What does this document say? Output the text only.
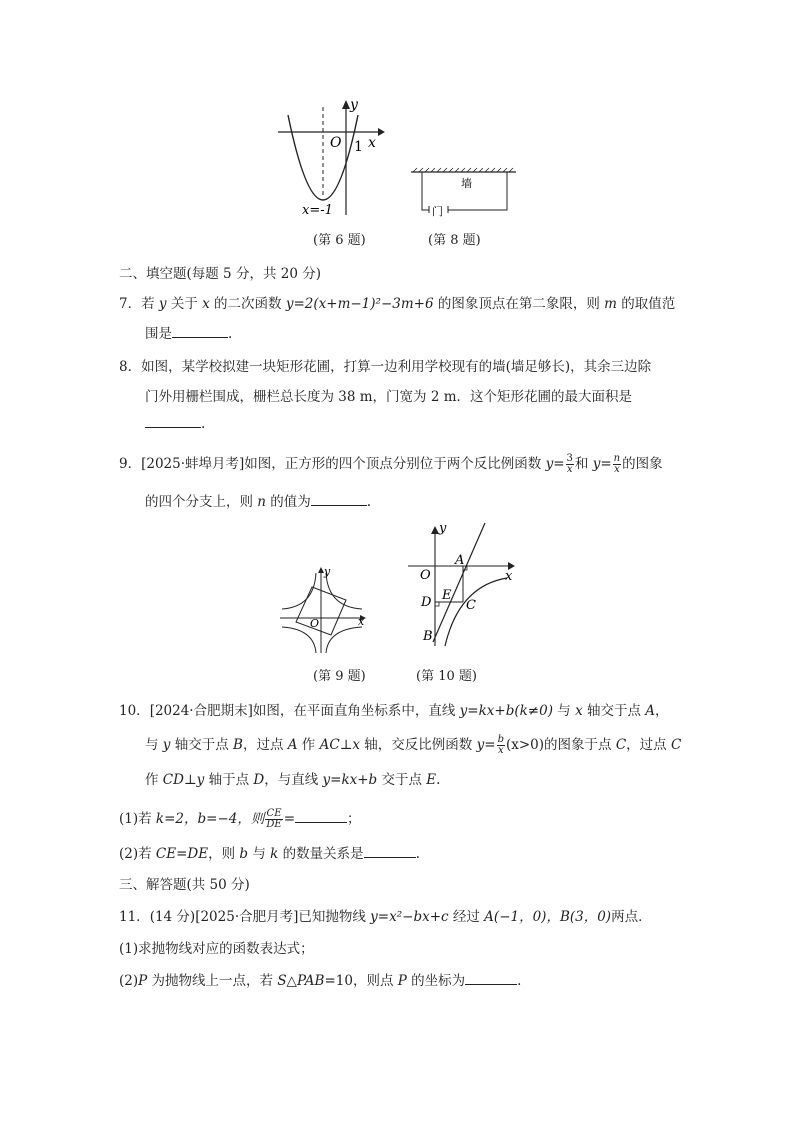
y
x
O 1
x=-1
(第 6 题)
墙
门
(第 8 题)
二、填空题(每题 5 分，共 20 分)
7．若 y 关于 x 的二次函数 y=2(x+m−1)²−3m+6 的图象顶点在第二象限，则 m 的取值范
围是	.
8．如图，某学校拟建一块矩形花圃，打算一边利用学校现有的墙(墙足够长)，其余三边除
门外用栅栏围成，栅栏总长度为 38 m，门宽为 2 m．这个矩形花圃的最大面积是
.
9．[2025·蚌埠月考]如图，正方形的四个顶点分别位于两个反比例函数 $y= \frac{3}{x}$ 和 $y= \frac{n}{x}$ 的图象
的四个分支上，则 n 的值为	.
x
y
O
(第 9 题)
y
x
O
A
B
C
D E
(第 10 题)
10．[2024·合肥期末]如图，在平面直角坐标系中，直线 y=kx+b(k≠0) 与 x 轴交于点 A，
与 y 轴交于点 B，过点 A 作 AC⊥x 轴，交反比例函数 $y= \frac{b}{x} (x>0)$的图象于点 C，过点 C
作 CD⊥y 轴于点 D，与直线 y=kx+b 交于点 E.
(1)若 k=2，b=−4，则 $\frac{CE}{DE}$ =	；
(2)若 CE=DE，则 b 与 k 的数量关系是	.
三、解答题(共 50 分)
11．(14 分)[2025·合肥月考]已知抛物线 y=x²−bx+c 经过 A(−1，0)，B(3，0)两点．
(1)求抛物线对应的函数表达式；
(2)P 为抛物线上一点，若 S△PAB=10，则点 P 的坐标为	.
